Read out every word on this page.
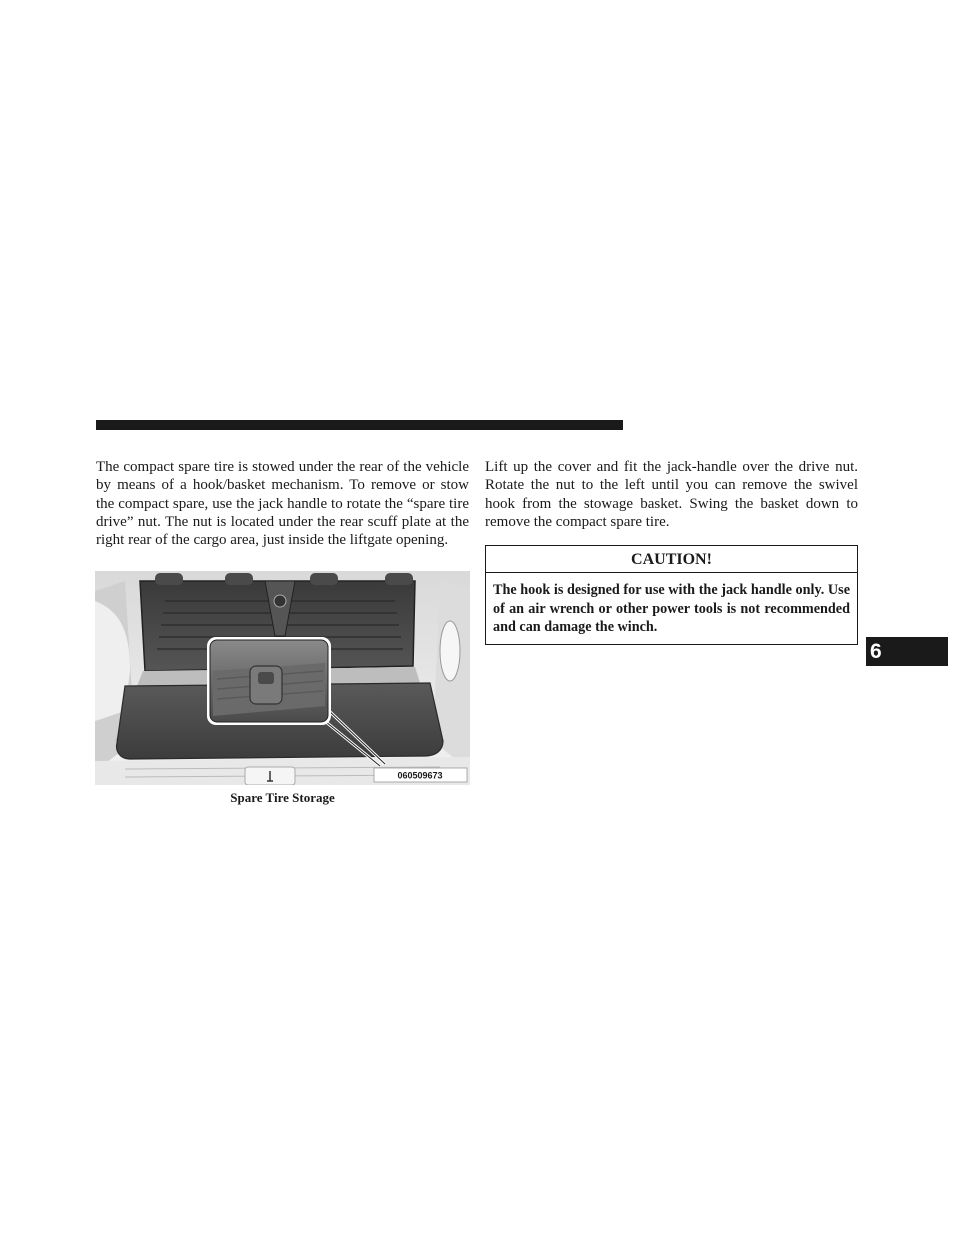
The compact spare tire is stowed under the rear of the vehicle by means of a hook/basket mechanism. To remove or stow the compact spare, use the jack handle to rotate the “spare tire drive” nut. The nut is located under the rear scuff plate at the right rear of the cargo area, just inside the liftgate opening.

060509673
Spare Tire Storage

Lift up the cover and fit the jack-handle over the drive nut. Rotate the nut to the left until you can remove the swivel hook from the stowage basket. Swing the basket down to remove the compact spare tire.

CAUTION!

The hook is designed for use with the jack handle only. Use of an air wrench or other power tools is not recommended and can damage the winch.

6
